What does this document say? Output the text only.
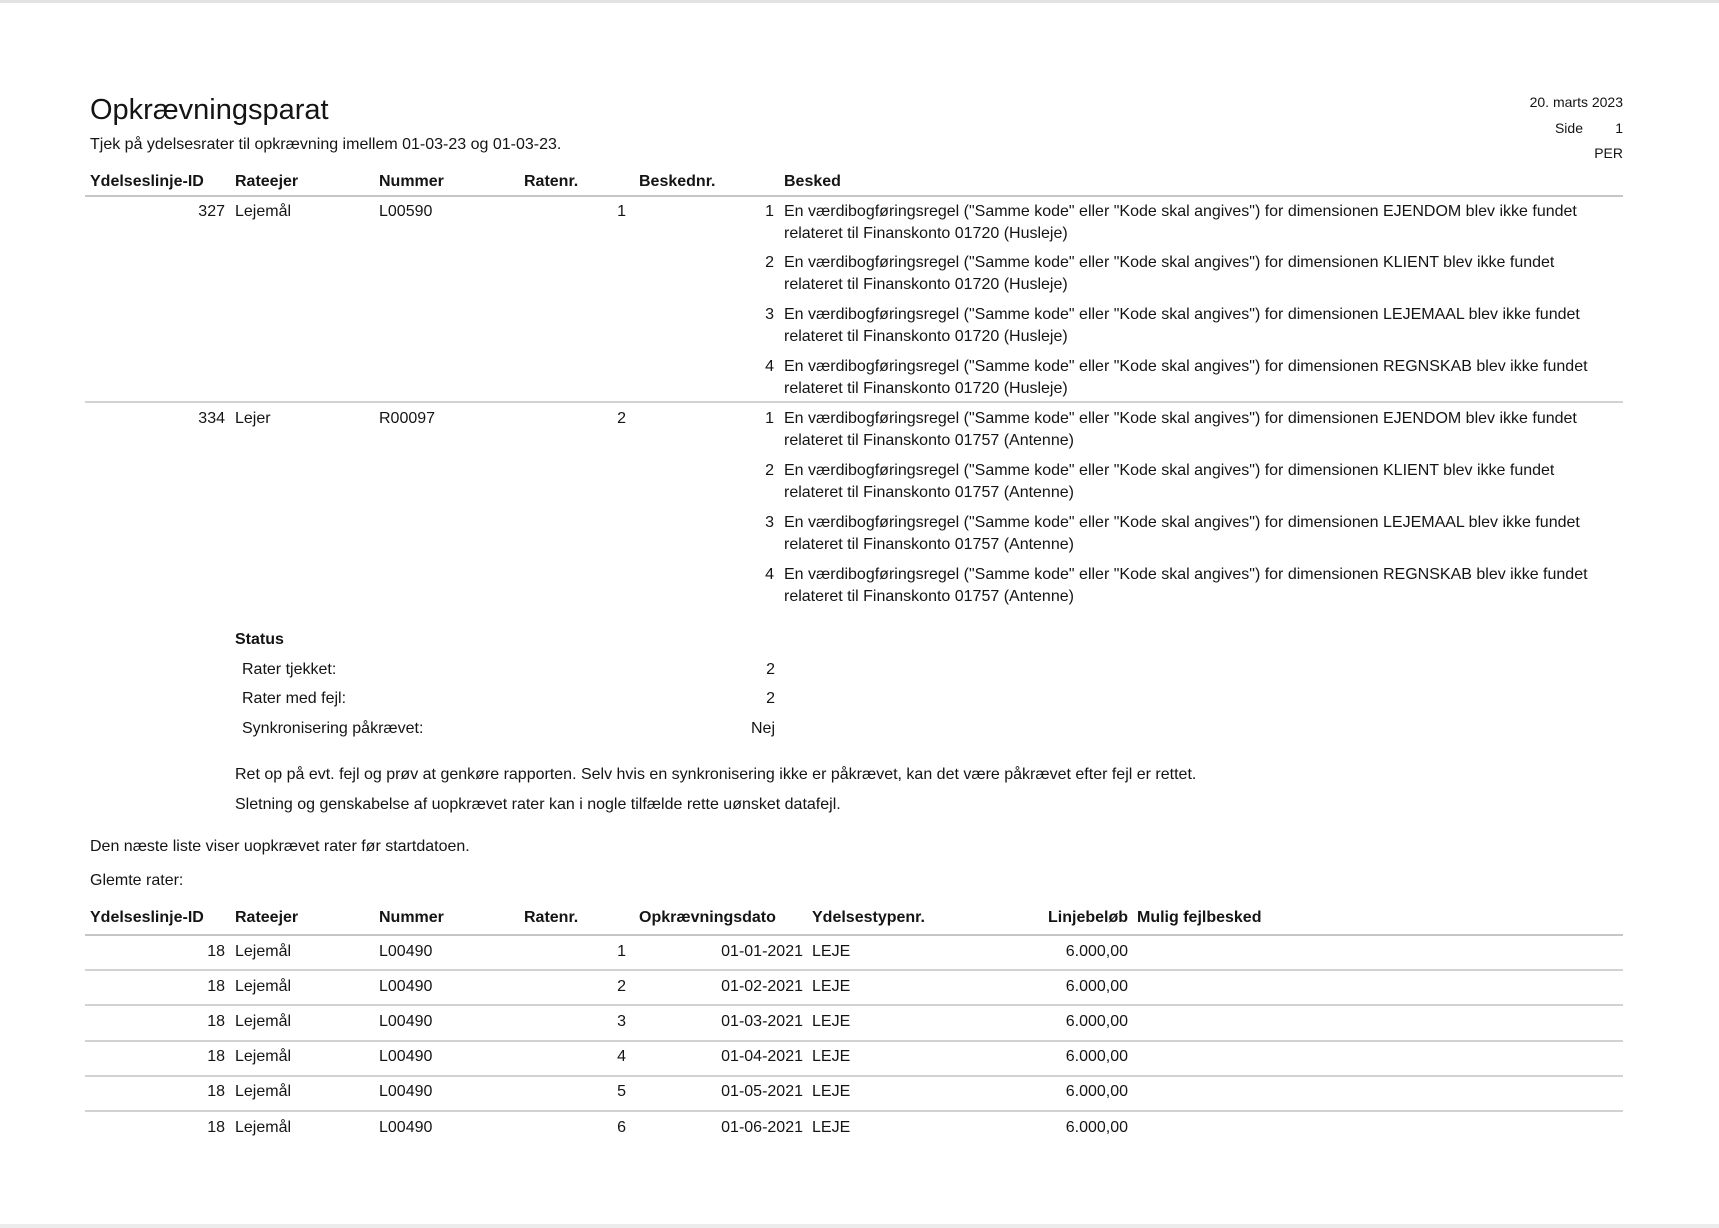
Opkrævningsparat
Tjek på ydelsesrater til opkrævning imellem 01-03-23 og 01-03-23.
20. marts 2023
Side	1
PER
Ydelseslinje-ID	Rateejer	Nummer	Ratenr.	Beskednr.	Besked
327 Lejemål	L00590	1	1 En værdibogføringsregel ("Samme kode" eller "Kode skal angives") for dimensionen EJENDOM blev ikke fundet relateret til Finanskonto 01720 (Husleje)
2 En værdibogføringsregel ("Samme kode" eller "Kode skal angives") for dimensionen KLIENT blev ikke fundet relateret til Finanskonto 01720 (Husleje)
3 En værdibogføringsregel ("Samme kode" eller "Kode skal angives") for dimensionen LEJEMAAL blev ikke fundet relateret til Finanskonto 01720 (Husleje)
4 En værdibogføringsregel ("Samme kode" eller "Kode skal angives") for dimensionen REGNSKAB blev ikke fundet relateret til Finanskonto 01720 (Husleje)
334 Lejer	R00097	2	1 En værdibogføringsregel ("Samme kode" eller "Kode skal angives") for dimensionen EJENDOM blev ikke fundet relateret til Finanskonto 01757 (Antenne)
2 En værdibogføringsregel ("Samme kode" eller "Kode skal angives") for dimensionen KLIENT blev ikke fundet relateret til Finanskonto 01757 (Antenne)
3 En værdibogføringsregel ("Samme kode" eller "Kode skal angives") for dimensionen LEJEMAAL blev ikke fundet relateret til Finanskonto 01757 (Antenne)
4 En værdibogføringsregel ("Samme kode" eller "Kode skal angives") for dimensionen REGNSKAB blev ikke fundet relateret til Finanskonto 01757 (Antenne)
Status
Rater tjekket:	2
Rater med fejl:	2
Synkronisering påkrævet:	Nej
Ret op på evt. fejl og prøv at genkøre rapporten. Selv hvis en synkronisering ikke er påkrævet, kan det være påkrævet efter fejl er rettet.
Sletning og genskabelse af uopkrævet rater kan i nogle tilfælde rette uønsket datafejl.
Den næste liste viser uopkrævet rater før startdatoen.
Glemte rater:
Ydelseslinje-ID	Rateejer	Nummer	Ratenr.	Opkrævningsdato	Ydelsestypenr.	Linjebeløb Mulig fejlbesked
18 Lejemål	L00490	1	01-01-2021 LEJE	6.000,00
18 Lejemål	L00490	2	01-02-2021 LEJE	6.000,00
18 Lejemål	L00490	3	01-03-2021 LEJE	6.000,00
18 Lejemål	L00490	4	01-04-2021 LEJE	6.000,00
18 Lejemål	L00490	5	01-05-2021 LEJE	6.000,00
18 Lejemål	L00490	6	01-06-2021 LEJE	6.000,00
